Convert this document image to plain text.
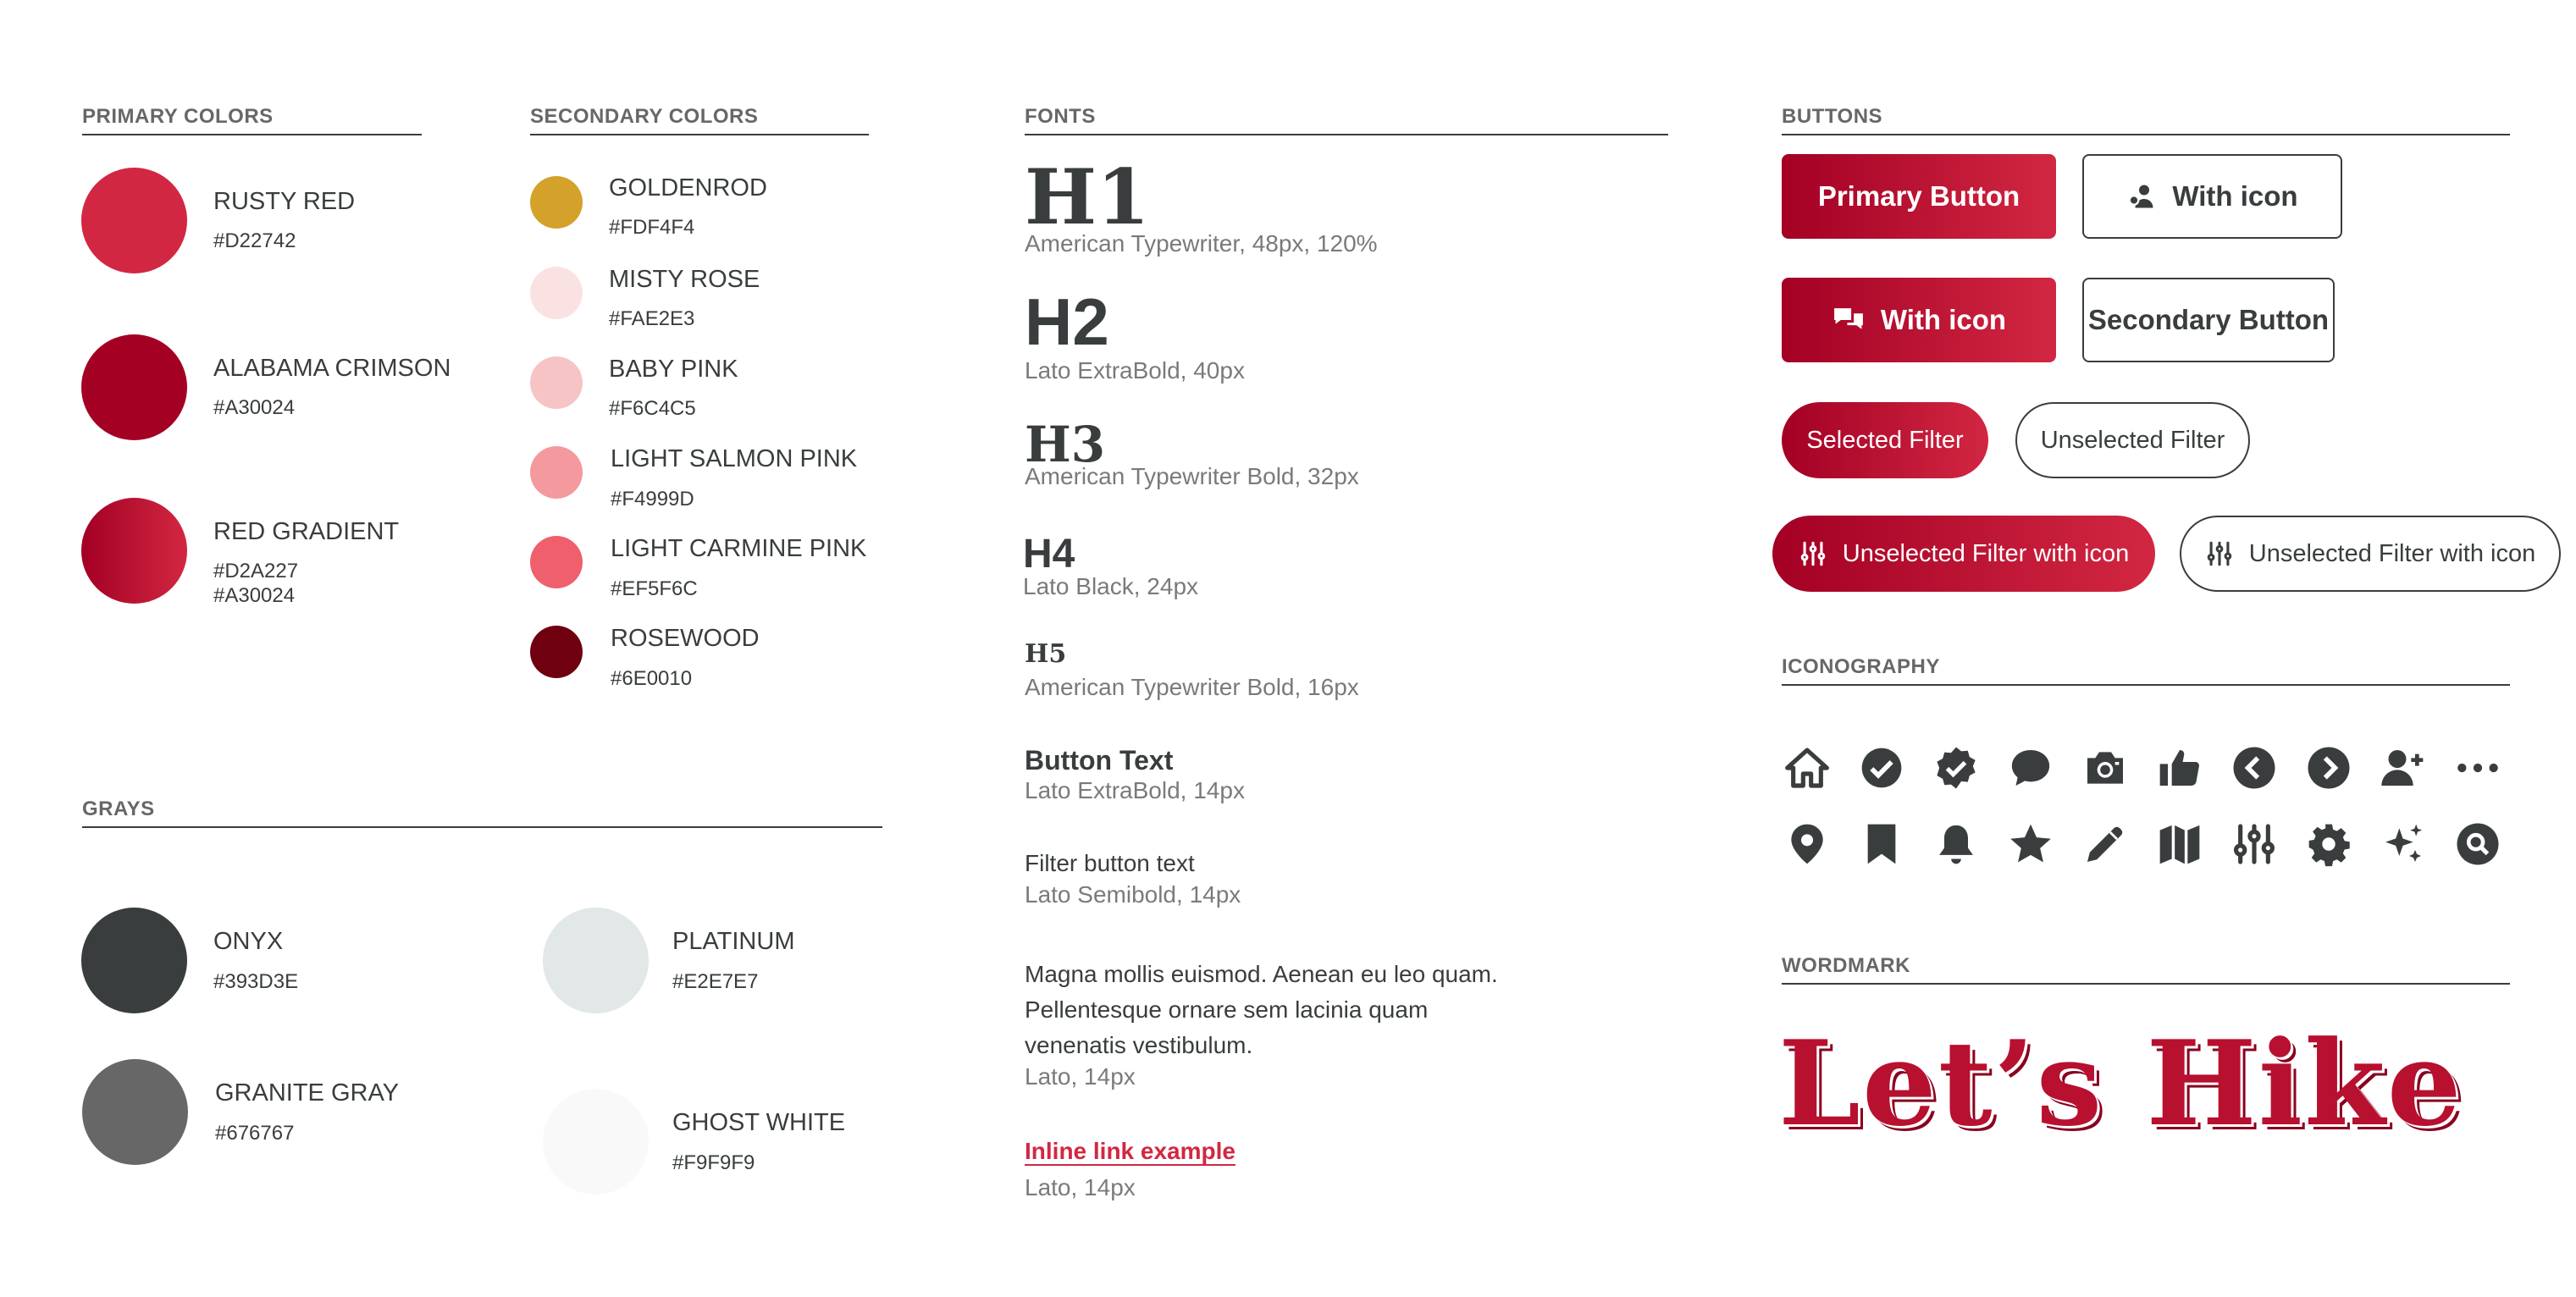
PRIMARY COLORS
RUSTY RED
#D22742
ALABAMA CRIMSON
#A30024
RED GRADIENT
#D2A227
#A30024
SECONDARY COLORS
GOLDENROD
#FDF4F4
MISTY ROSE
#FAE2E3
BABY PINK
#F6C4C5
LIGHT SALMON PINK
#F4999D
LIGHT CARMINE PINK
#EF5F6C
ROSEWOOD
#6E0010
GRAYS
ONYX
#393D3E
GRANITE GRAY
#676767
PLATINUM
#E2E7E7
GHOST WHITE
#F9F9F9
FONTS
H1
American Typewriter, 48px, 120%
H2
Lato ExtraBold, 40px
H3
American Typewriter Bold, 32px
H4
Lato Black, 24px
H5
American Typewriter Bold, 16px
Button Text
Lato ExtraBold, 14px
Filter button text
Lato Semibold, 14px
Magna mollis euismod. Aenean eu leo quam.
Pellentesque ornare sem lacinia quam
venenatis vestibulum.
Lato, 14px
Inline link example
Lato, 14px
BUTTONS
Primary Button	With icon
With icon	Secondary Button
Selected Filter	Unselected Filter
Unselected Filter with icon	Unselected Filter with icon
ICONOGRAPHY
WORDMARK
Let’s Hike
